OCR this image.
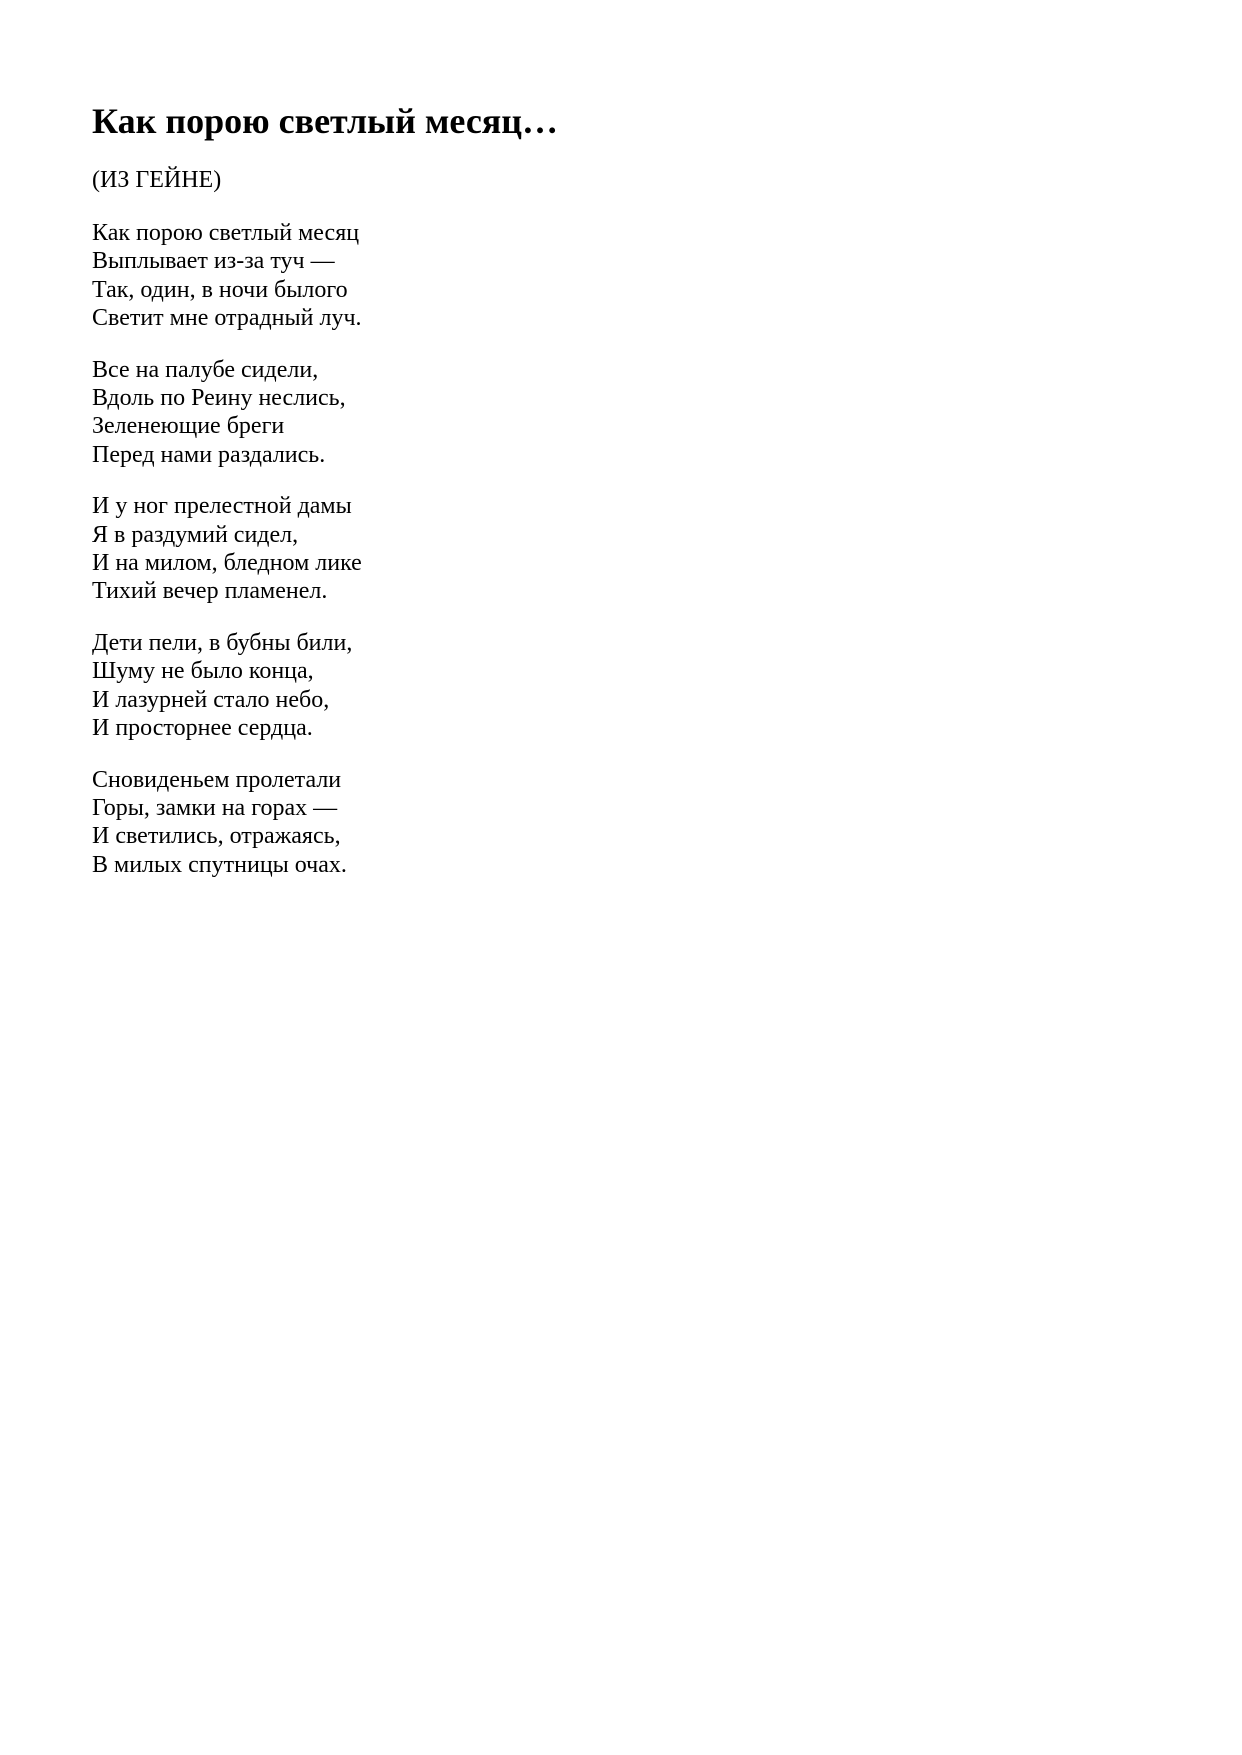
Как порою светлый месяц…
(ИЗ ГЕЙНЕ)
Как порою светлый месяц
Выплывает из-за туч —
Так, один, в ночи былого
Светит мне отрадный луч.
Все на палубе сидели,
Вдоль по Реину неслись,
Зеленеющие бреги
Перед нами раздались.
И у ног прелестной дамы
Я в раздумий сидел,
И на милом, бледном лике
Тихий вечер пламенел.
Дети пели, в бубны били,
Шуму не было конца,
И лазурней стало небо,
И просторнее сердца.
Сновиденьем пролетали
Горы, замки на горах —
И светились, отражаясь,
В милых спутницы очах.
